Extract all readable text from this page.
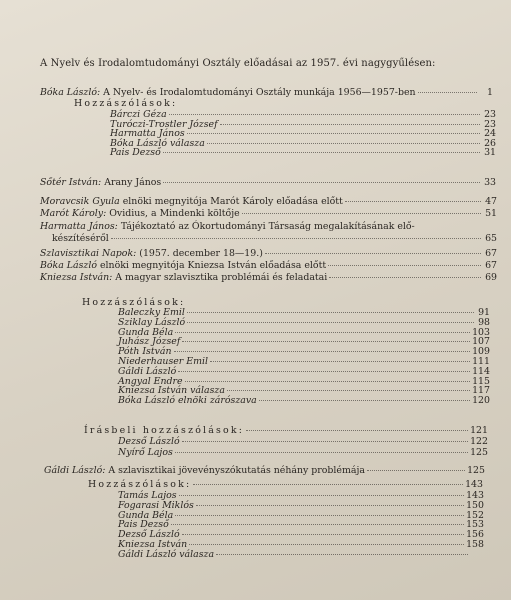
A Nyelv és Irodalomtudományi Osztály előadásai az 1957. évi nagygyűlésen:
Bóka László:
A Nyelv- és Irodalomtudományi Osztály munkája 1956—1957-ben	1
Hozzászólások:
Bárczi Géza	23
Turóczi-Trostler József	23
Harmatta János	24
Bóka László válasza	26
Pais Dezső	31
Sőtér István:
Arany János	33
Moravcsik Gyula
elnöki megnyitója Marót Károly előadása előtt	47
Marót Károly:
Ovidius, a Mindenki költője	51
Harmatta János: Tájékoztató az Ókortudományi Társaság megalakításának elő-
készítéséről	65
Szlavisztikai Napok:
(1957. december 18—19.)	67
Bóka László
elnöki megnyitója Kniezsa István előadása előtt	67
Kniezsa István:
A magyar szlavisztika problémái és feladatai	69
Hozzászólások:
Baleczky Emil	91
Sziklay László	98
Gunda Béla	103
Juhász József	107
Póth István	109
Niederhauser Emil	111
Gáldi László	114
Angyal Endre	115
Kniezsa István válasza	117
Bóka László elnöki zárószava	120
Írásbeli hozzászólások:	121
Dezső László	122
Nyírő Lajos	125
Gáldi László:
A szlavisztikai jövevényszókutatás néhány problémája	125
Hozzászólások:	143
Tamás Lajos	143
Fogarasi Miklós	150
Gunda Béla	152
Pais Dezső	153
Dezső László	156
Kniezsa István	158
Gáldi László válasza
